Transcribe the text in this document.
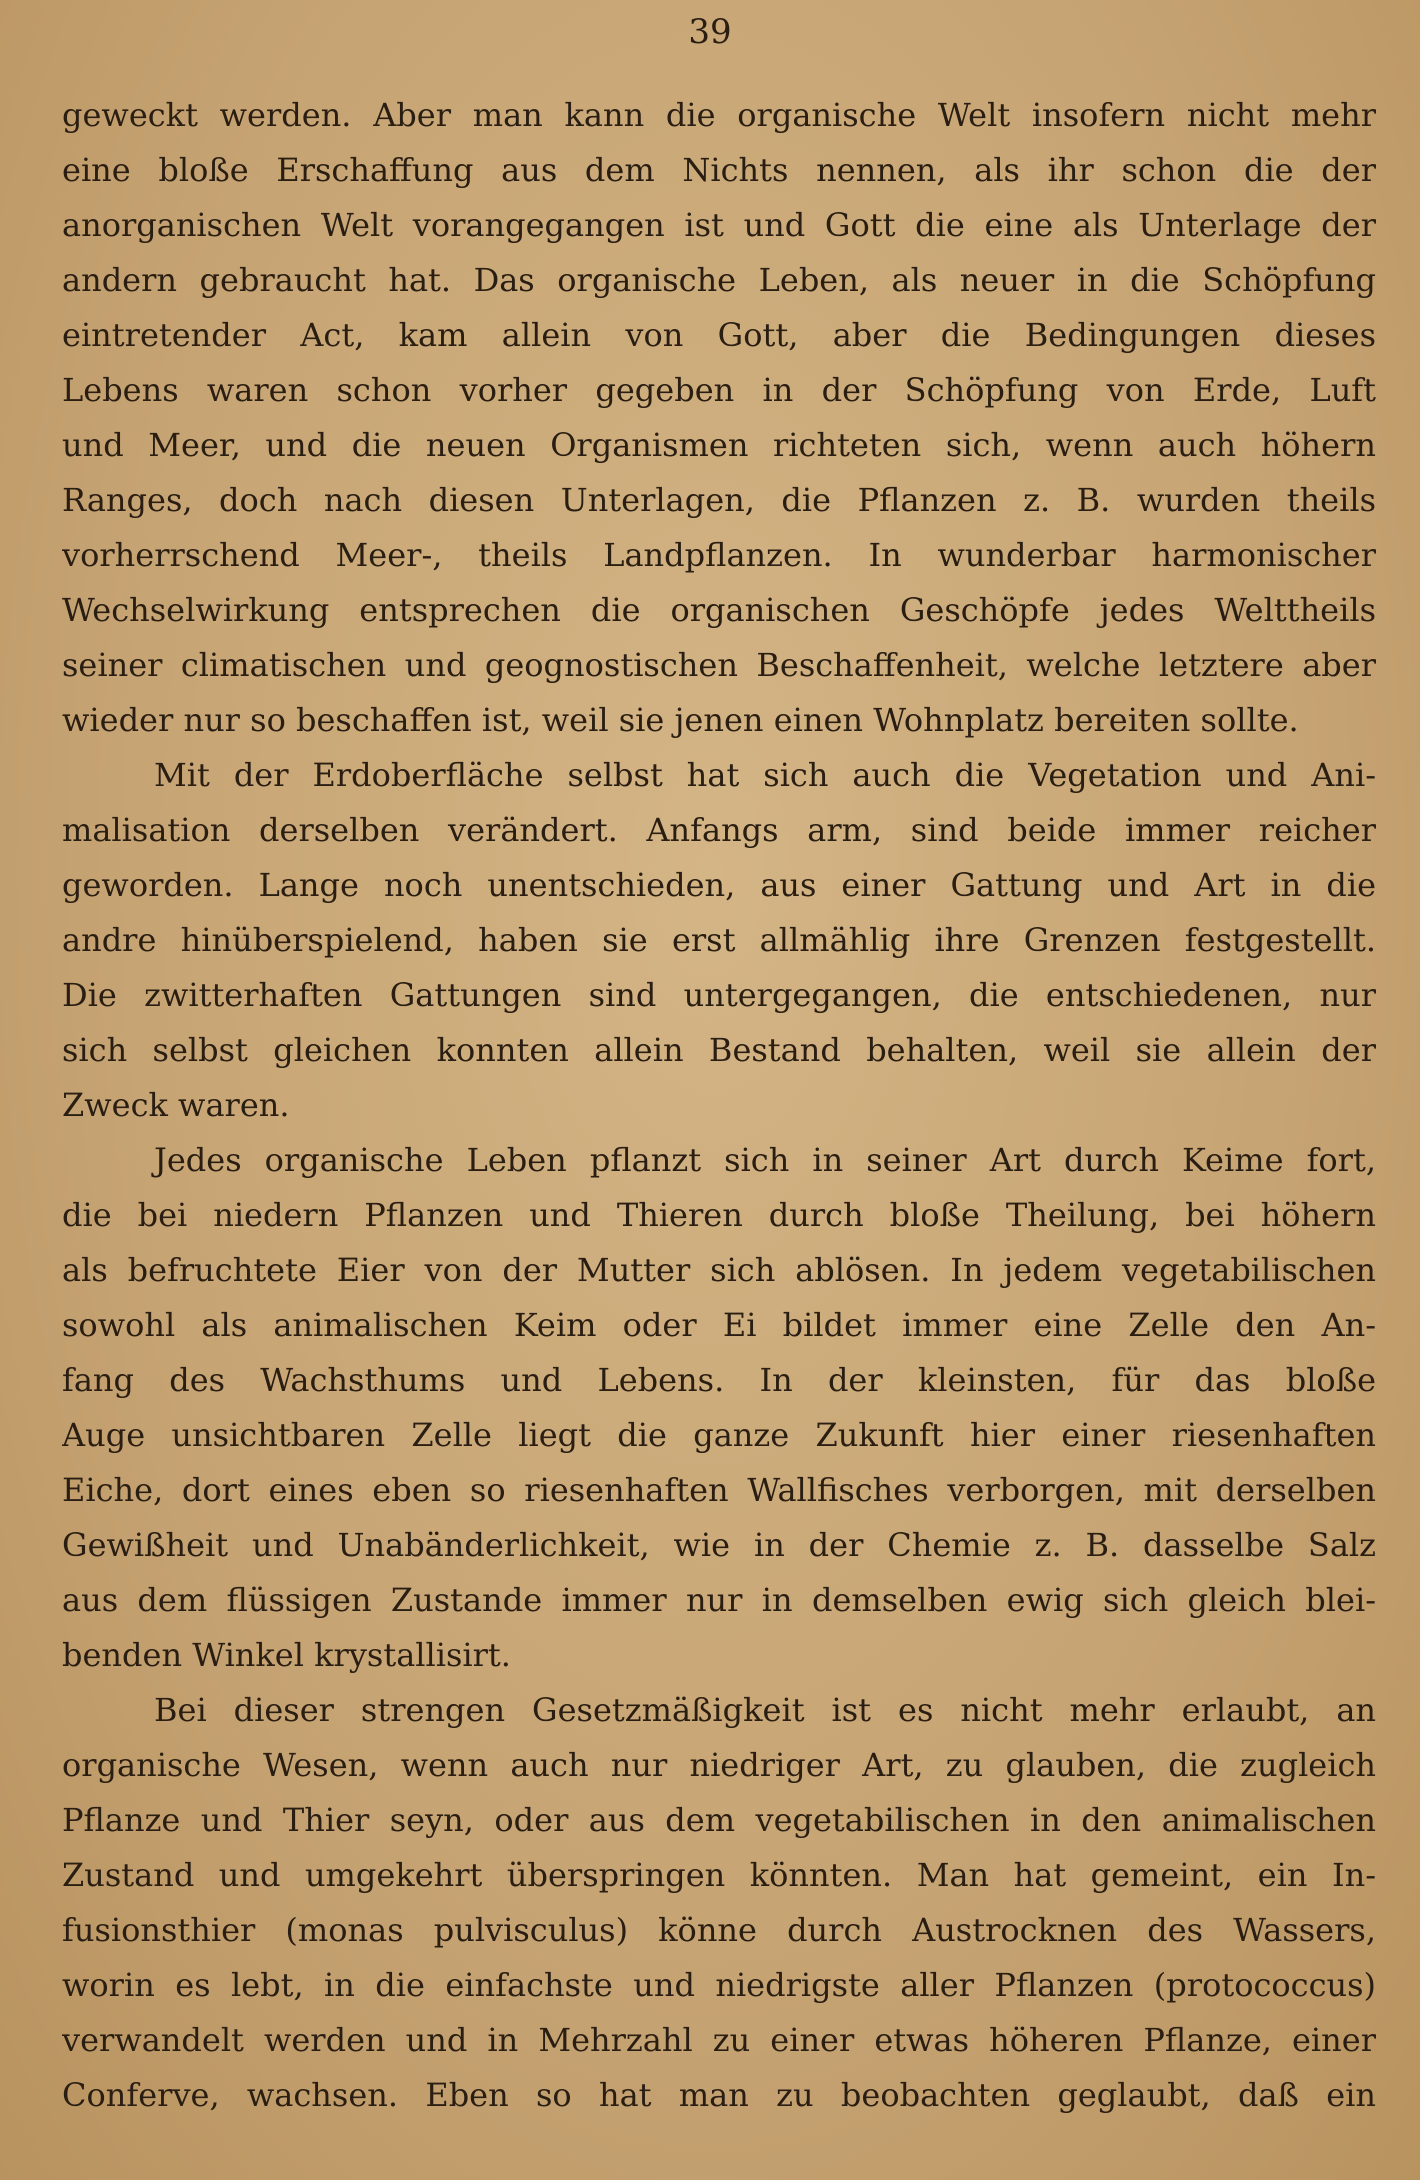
39
geweckt werden. Aber man kann die organische Welt insofern nicht mehr
eine bloße Erschaffung aus dem Nichts nennen, als ihr schon die der
anorganischen Welt vorangegangen ist und Gott die eine als Unterlage der
andern gebraucht hat. Das organische Leben, als neuer in die Schöpfung
eintretender Act, kam allein von Gott, aber die Bedingungen dieses
Lebens waren schon vorher gegeben in der Schöpfung von Erde, Luft
und Meer, und die neuen Organismen richteten sich, wenn auch höhern
Ranges, doch nach diesen Unterlagen, die Pflanzen z. B. wurden theils
vorherrschend Meer-, theils Landpflanzen. In wunderbar harmonischer
Wechselwirkung entsprechen die organischen Geschöpfe jedes Welttheils
seiner climatischen und geognostischen Beschaffenheit, welche letztere aber
wieder nur so beschaffen ist, weil sie jenen einen Wohnplatz bereiten sollte.
Mit der Erdoberfläche selbst hat sich auch die Vegetation und Ani-
malisation derselben verändert. Anfangs arm, sind beide immer reicher
geworden. Lange noch unentschieden, aus einer Gattung und Art in die
andre hinüberspielend, haben sie erst allmählig ihre Grenzen festgestellt.
Die zwitterhaften Gattungen sind untergegangen, die entschiedenen, nur
sich selbst gleichen konnten allein Bestand behalten, weil sie allein der
Zweck waren.
Jedes organische Leben pflanzt sich in seiner Art durch Keime fort,
die bei niedern Pflanzen und Thieren durch bloße Theilung, bei höhern
als befruchtete Eier von der Mutter sich ablösen. In jedem vegetabilischen
sowohl als animalischen Keim oder Ei bildet immer eine Zelle den An-
fang des Wachsthums und Lebens. In der kleinsten, für das bloße
Auge unsichtbaren Zelle liegt die ganze Zukunft hier einer riesenhaften
Eiche, dort eines eben so riesenhaften Wallfisches verborgen, mit derselben
Gewißheit und Unabänderlichkeit, wie in der Chemie z. B. dasselbe Salz
aus dem flüssigen Zustande immer nur in demselben ewig sich gleich blei-
benden Winkel krystallisirt.
Bei dieser strengen Gesetzmäßigkeit ist es nicht mehr erlaubt, an
organische Wesen, wenn auch nur niedriger Art, zu glauben, die zugleich
Pflanze und Thier seyn, oder aus dem vegetabilischen in den animalischen
Zustand und umgekehrt überspringen könnten. Man hat gemeint, ein In-
fusionsthier (monas pulvisculus) könne durch Austrocknen des Wassers,
worin es lebt, in die einfachste und niedrigste aller Pflanzen (protococcus)
verwandelt werden und in Mehrzahl zu einer etwas höheren Pflanze, einer
Conferve, wachsen. Eben so hat man zu beobachten geglaubt, daß ein
